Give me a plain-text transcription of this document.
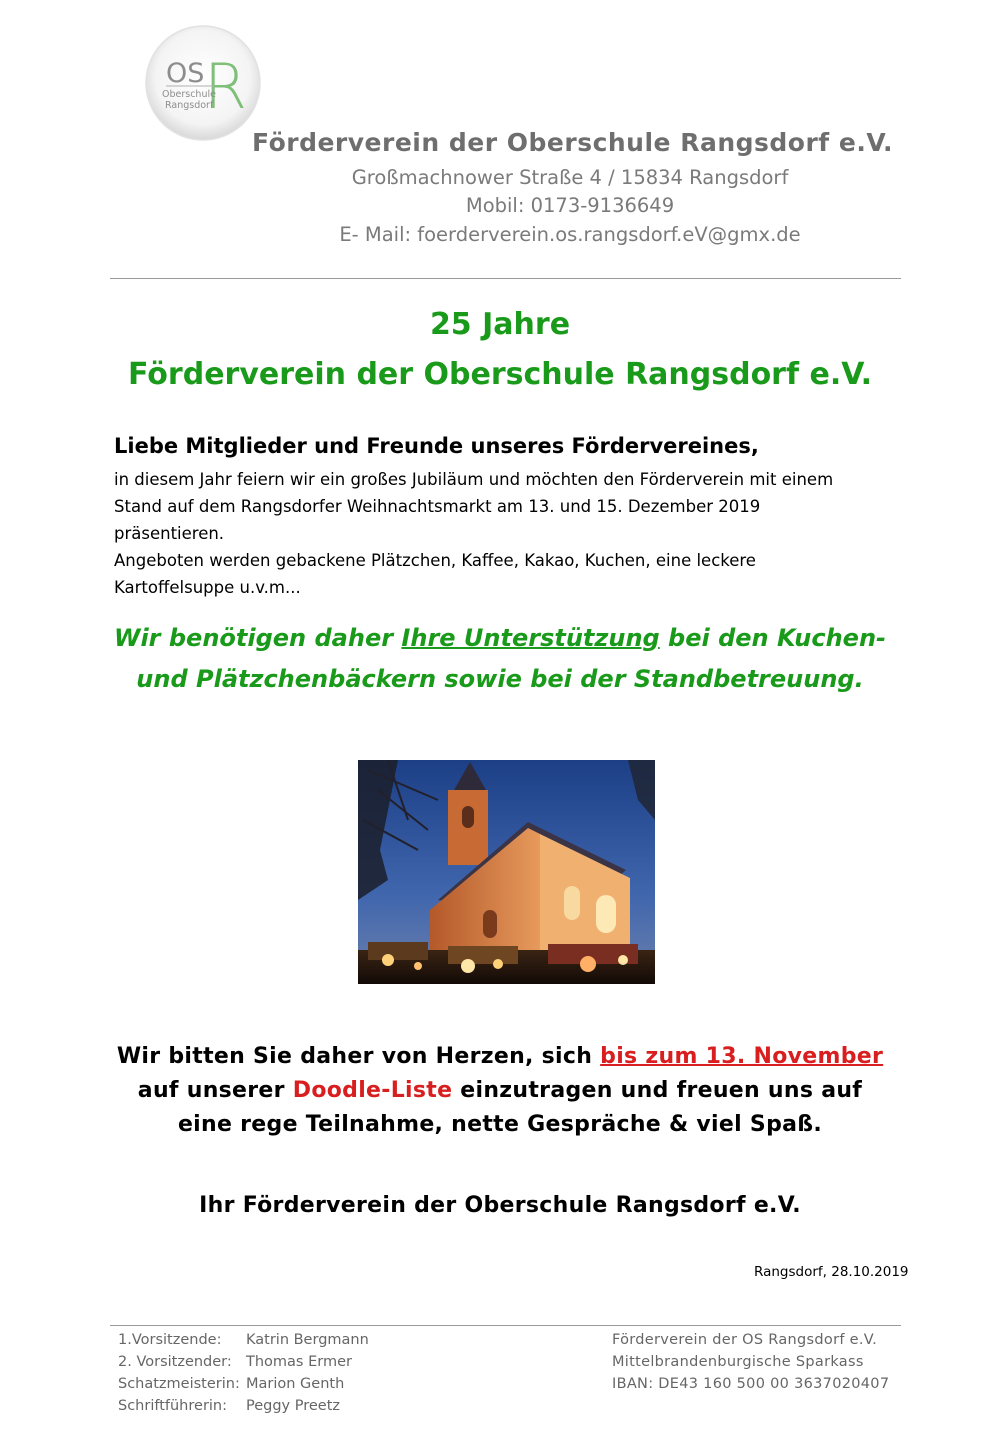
OS R
Oberschule
Rangsdorf
Förderverein der Oberschule Rangsdorf e.V.
Großmachnower Straße 4 / 15834 Rangsdorf
Mobil: 0173-9136649
E- Mail: foerderverein.os.rangsdorf.eV@gmx.de
25 Jahre
Förderverein der Oberschule Rangsdorf e.V.
Liebe Mitglieder und Freunde unseres Fördervereines,
in diesem Jahr feiern wir ein großes Jubiläum und möchten den Förderverein mit einem
Stand auf dem Rangsdorfer Weihnachtsmarkt am 13. und 15. Dezember 2019
präsentieren.
Angeboten werden gebackene Plätzchen, Kaffee, Kakao, Kuchen, eine leckere
Kartoffelsuppe u.v.m...
Wir benötigen daher Ihre Unterstützung bei den Kuchen-
und Plätzchenbäckern sowie bei der Standbetreuung.
Wir bitten Sie daher von Herzen, sich bis zum 13. November
auf unserer Doodle-Liste einzutragen und freuen uns auf
eine rege Teilnahme, nette Gespräche & viel Spaß.
Ihr Förderverein der Oberschule Rangsdorf e.V.
Rangsdorf, 28.10.2019
1.Vorsitzende:	Katrin Bergmann
2. Vorsitzender: Thomas Ermer
Schatzmeisterin: Marion Genth
Schriftführerin:	Peggy Preetz
Förderverein der OS Rangsdorf e.V.
Mittelbrandenburgische Sparkass
IBAN: DE43 160 500 00 3637020407
